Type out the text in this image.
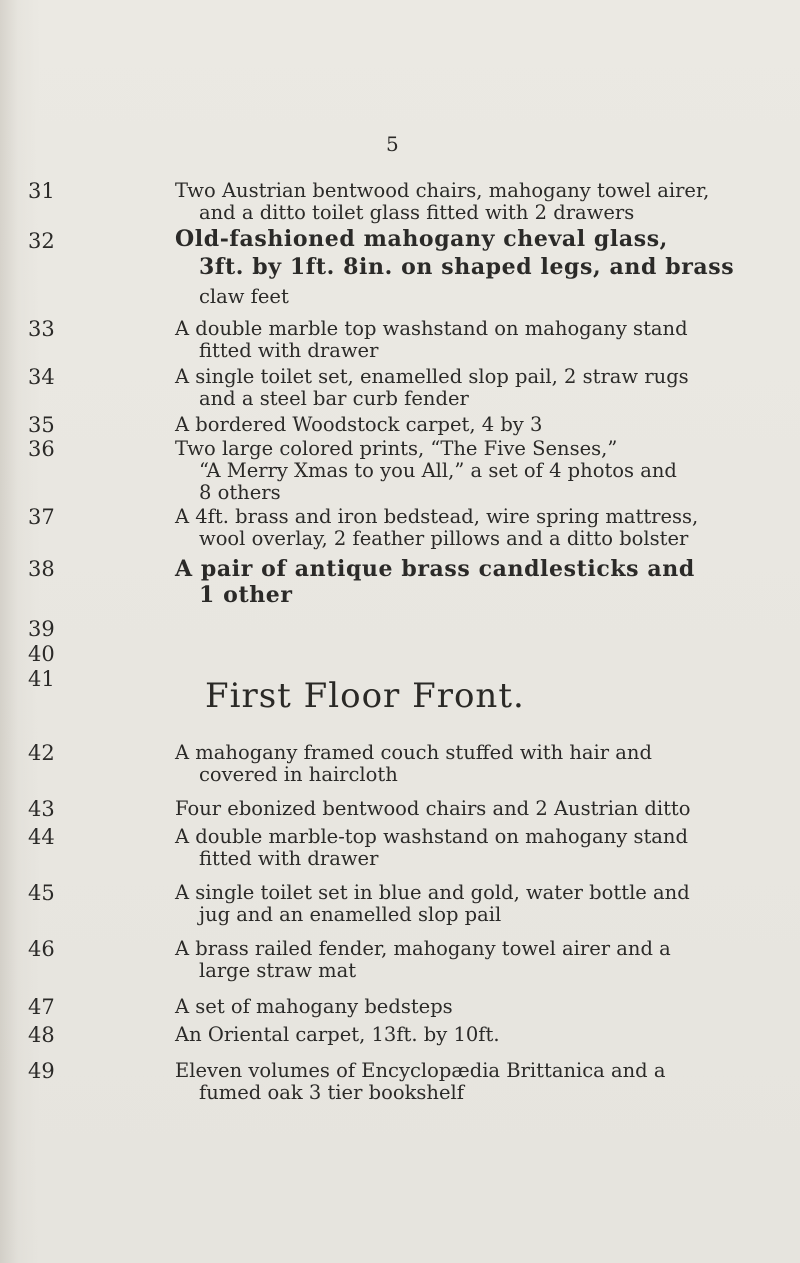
5
31	Two Austrian bentwood chairs, mahogany towel airer,
and a ditto toilet glass fitted with 2 drawers
32	Old-fashioned mahogany cheval glass,
3ft. by 1ft. 8in. on shaped legs, and brass
claw feet
33	A double marble top washstand on mahogany stand
fitted with drawer
34	A single toilet set, enamelled slop pail, 2 straw rugs
and a steel bar curb fender
35	A bordered Woodstock carpet, 4 by 3
36	Two large colored prints, “The Five Senses,”
“A Merry Xmas to you All,” a set of 4 photos and
8 others
37	A 4ft. brass and iron bedstead, wire spring mattress,
wool overlay, 2 feather pillows and a ditto bolster
38	A pair of antique brass candlesticks and
1 other
39
40
41	First Floor Front.
42	A mahogany framed couch stuffed with hair and
covered in haircloth
43	Four ebonized bentwood chairs and 2 Austrian ditto
44	A double marble-top washstand on mahogany stand
fitted with drawer
45	A single toilet set in blue and gold, water bottle and
jug and an enamelled slop pail
46	A brass railed fender, mahogany towel airer and a
large straw mat
47	A set of mahogany bedsteps
48	An Oriental carpet, 13ft. by 10ft.
49	Eleven volumes of Encyclopædia Brittanica and a
fumed oak 3 tier bookshelf
